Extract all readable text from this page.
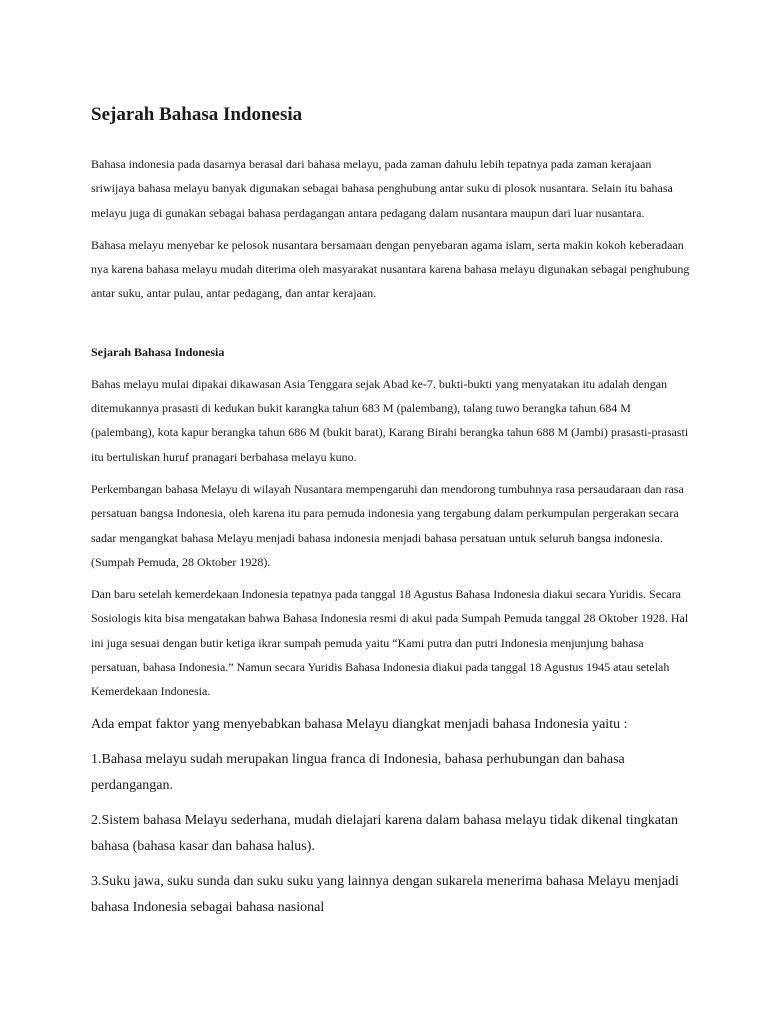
Sejarah Bahasa Indonesia

Bahasa indonesia pada dasarnya berasal dari bahasa melayu, pada zaman dahulu lebih tepatnya pada zaman kerajaan sriwijaya bahasa melayu banyak digunakan sebagai bahasa penghubung antar suku di plosok nusantara. Selain itu bahasa melayu juga di gunakan sebagai bahasa perdagangan antara pedagang dalam nusantara maupun dari luar nusantara.

Bahasa melayu menyebar ke pelosok nusantara bersamaan dengan penyebaran agama islam, serta makin kokoh keberadaan nya karena bahasa melayu mudah diterima oleh masyarakat nusantara karena bahasa melayu digunakan sebagai penghubung antar suku, antar pulau, antar pedagang, dan antar kerajaan.

Sejarah Bahasa Indonesia

Bahas melayu mulai dipakai dikawasan Asia Tenggara sejak Abad ke-7. bukti-bukti yang menyatakan itu adalah dengan ditemukannya prasasti di kedukan bukit karangka tahun 683 M (palembang), talang tuwo berangka tahun 684 M (palembang), kota kapur berangka tahun 686 M (bukit barat), Karang Birahi berangka tahun 688 M (Jambi) prasasti-prasasti itu bertuliskan huruf pranagari berbahasa melayu kuno.

Perkembangan bahasa Melayu di wilayah Nusantara mempengaruhi dan mendorong tumbuhnya rasa persaudaraan dan rasa persatuan bangsa Indonesia, oleh karena itu para pemuda indonesia yang tergabung dalam perkumpulan pergerakan secara sadar mengangkat bahasa Melayu menjadi bahasa indonesia menjadi bahasa persatuan untuk seluruh bangsa indonesia. (Sumpah Pemuda, 28 Oktober 1928).

Dan baru setelah kemerdekaan Indonesia tepatnya pada tanggal 18 Agustus Bahasa Indonesia diakui secara Yuridis. Secara Sosiologis kita bisa mengatakan bahwa Bahasa Indonesia resmi di akui pada Sumpah Pemuda tanggal 28 Oktober 1928. Hal ini juga sesuai dengan butir ketiga ikrar sumpah pemuda yaitu “Kami putra dan putri Indonesia menjunjung bahasa persatuan, bahasa Indonesia.” Namun secara Yuridis Bahasa Indonesia diakui pada tanggal 18 Agustus 1945 atau setelah Kemerdekaan Indonesia.

Ada empat faktor yang menyebabkan bahasa Melayu diangkat menjadi bahasa Indonesia yaitu :

1.Bahasa melayu sudah merupakan lingua franca di Indonesia, bahasa perhubungan dan bahasa perdangangan.

2.Sistem bahasa Melayu sederhana, mudah dielajari karena dalam bahasa melayu tidak dikenal tingkatan bahasa (bahasa kasar dan bahasa halus).

3.Suku jawa, suku sunda dan suku suku yang lainnya dengan sukarela menerima bahasa Melayu menjadi bahasa Indonesia sebagai bahasa nasional
